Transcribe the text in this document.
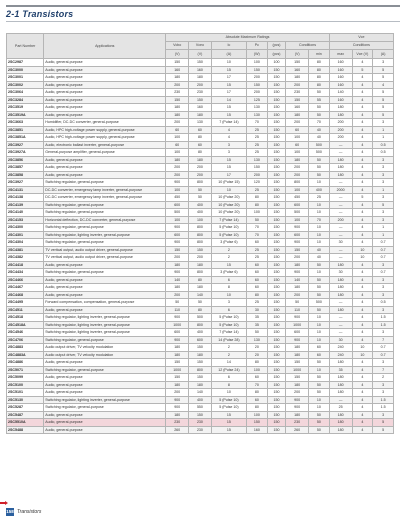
2-1 Transistors
Part Number	Applications	Absolute Maximum Ratings							Vce		
		Vcbo	Vceo	Ic	Pc	(pcs)	Conditions		Conditions		
		(V)	(V)	(A)	(W)	(pcs)	(V)	min	max	Vce (V)	(A)
2SC2987	Audio, general-purpose	150	150	10	100	100	150	80	160	4	3
2SC3000	Audio, general-purpose	160	160	15	150	150	160	80	160	5	5
2SC3001	Audio, general-purpose	180	180	17	200	150	180	80	160	4	5
2SC3002	Audio, general-purpose	200	200	15	150	150	200	80	160	4	4
2SC3064	Audio, general-purpose	230	230	17	200	150	230	50	140	4	5
2SC3284	Audio, general-purpose	150	150	14	125	150	150	55	160	4	5
2SC3519	Audio, general-purpose	180	160	15	130	150	160	50	180	4	5
2SC3519A	Audio, general-purpose	180	180	15	130	150	180	50	180	4	5
2SC3663	Humidifier, DC-DC converter, general-purpose	200	130	7 (Pulse 14)	70	150	200	70	200	4	3
2SC3851	Audio, HPC high-voltage power supply, general-purpose	60	60	4	25	150	60	40	200	4	1
2SC3851A	Audio, HPC high-voltage power supply, general-purpose	100	80	4	25	150	100	40	200	4	1
2SC3927	Audio, electronic ballast inverter, general-purpose	60	60	3	25	150	60	500	—	4	0.5
2SC3927A	General-purpose amplifier, general-purpose	100	80	3	25	150	100	500	—	4	0.5
2SC3856	Audio, general-purpose	180	180	15	130	150	180	50	180	4	3
2SC3857	Audio, general-purpose	200	200	15	150	150	200	50	180	4	3
2SC3858	Audio, general-purpose	200	200	17	200	150	200	50	180	4	3
2SC3927	Switching regulator, general-purpose	900	800	10 (Pulse 15)	120	150	800	10	—	4	3
2SC4131	DC-DC converter, emergency lamp inverter, general-purpose	100	50	10	25	150	100	400	2000	4	1
2SC4138	DC-DC converter, emergency lamp inverter, general-purpose	450	50	10 (Pulse 20)	80	150	450	25	—	5	3
2SC4139	Switching regulator, general-purpose	600	400	10 (Pulse 20)	80	150	600	10	—	4	5
2SC4140	Switching regulator, general-purpose	500	400	10 (Pulse 20)	100	150	500	10	—	4	3
2SC4153	Horizontal deflection, DC-DC converter, general-purpose	100	100	7 (Pulse 14)	50	150	100	70	200	4	3
2SC4300	Switching regulator, general-purpose	900	800	5 (Pulse 10)	70	150	900	10	—	4	1
2SC4301	Switching regulator, lighting inverter, general-purpose	600	800	5 (Pulse 10)	70	150	600	10	—	4	1
2SC4304	Switching regulator, general-purpose	900	800	3 (Pulse 6)	60	150	900	10	30	4	0.7
2SC4381	TV vertical output, audio output driver, general-purpose	150	150	2	25	150	150	40	—	10	0.7
2SC4382	TV vertical output, audio output driver, general-purpose	200	200	2	25	150	200	40	—	10	0.7
2SC4418	Audio, general-purpose	180	180	15	60	150	180	50	180	4	3
2SC4434	Switching regulator, general-purpose	900	800	3 (Pulse 6)	60	150	900	10	30	4	0.7
2SC4466	Audio, general-purpose	140	80	6	60	150	140	50	180	4	3
2SC4467	Audio, general-purpose	180	180	8	60	150	180	50	180	4	3
2SC4468	Audio, general-purpose	200	140	10	80	150	200	50	180	4	3
2SC4495	Forward compensation, compensation, general-purpose	50	50	3	25	150	50	500	—	4	0.5
2SC4511	Audio, general-purpose	110	80	6	30	150	110	50	180	4	3
2SC4518	Switching regulator, lighting inverter, general-purpose	900	500	5 (Pulse 10)	35	150	900	10	—	4	1.5
2SC4518A	Switching regulator, lighting inverter, general-purpose	1000	800	5 (Pulse 10)	35	150	1000	10	—	4	1.5
2SC4546	Switching regulator, lighting inverter, general-purpose	600	400	7 (Pulse 14)	50	150	600	10	—	4	3
2SC4706	Switching regulator, general-purpose	900	600	14 (Pulse 28)	130	150	900	10	30	4	7
2SC4883	Audio output driver, TV velocity modulation	180	150	2	20	150	180	60	240	10	0.7
2SC4883A	Audio output driver, TV velocity modulation	180	180	2	20	150	180	60	240	10	0.7
2SC4886	Audio, general-purpose	150	150	14	80	150	150	50	180	4	3
2SC5071	Switching regulator, general-purpose	1000	800	12 (Pulse 24)	100	150	1000	10	35	4	7
2SC5099	Audio, general-purpose	150	150	6	60	150	150	50	180	4	2
2SC5100	Audio, general-purpose	180	180	8	70	150	180	50	180	4	3
2SC5101	Audio, general-purpose	200	140	10	80	150	200	50	180	4	3
2SC5130	Switching regulator, lighting inverter, general-purpose	900	400	5 (Pulse 10)	60	150	900	10	—	4	1.5
2SC5287	Switching regulator, general-purpose	900	550	5 (Pulse 10)	80	150	900	10	25	4	1.5
2SC5487	Audio, general-purpose	180	150	15	100	150	180	50	180	4	3
2SC5510A	Audio, general-purpose	230	230	15	150	150	230	50	180	4	5
2SC5488	Audio, general-purpose	260	230	15	160	150	260	50	180	4	5
158 Transistors
